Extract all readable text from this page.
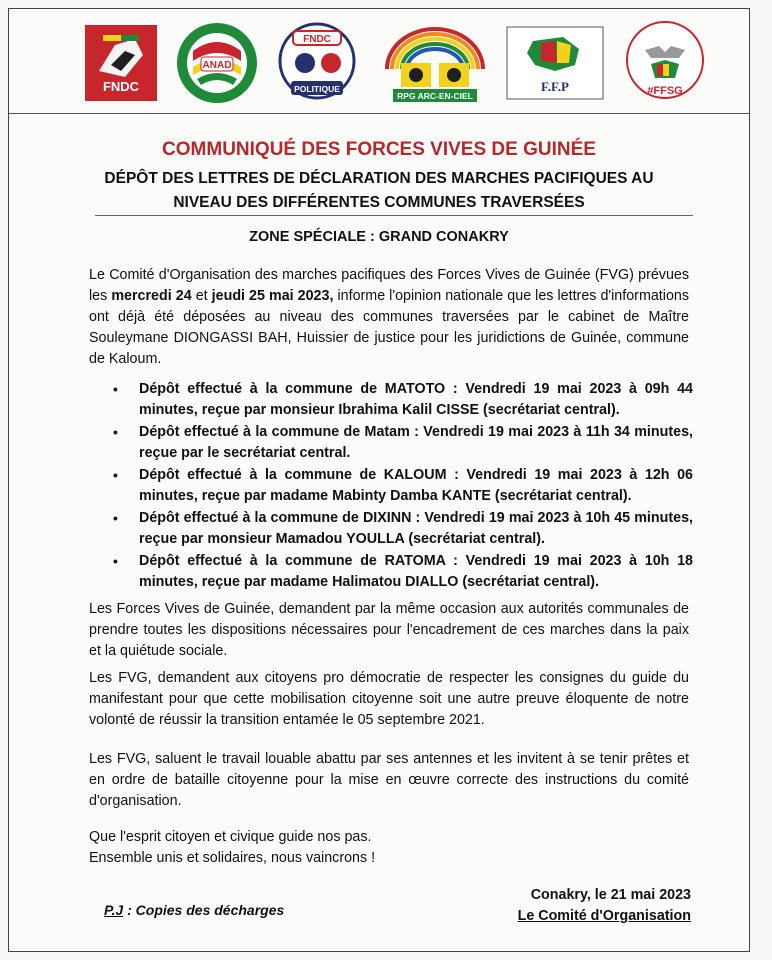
FNDC
ANAD
FNDC
POLITIQUE
RPG ARC-EN-CIEL
F.F.P	#FFSG
COMMUNIQUÉ DES FORCES VIVES DE GUINÉE
DÉPÔT DES LETTRES DE DÉCLARATION DES MARCHES PACIFIQUES AU
NIVEAU DES DIFFÉRENTES COMMUNES TRAVERSÉES
ZONE SPÉCIALE : GRAND CONAKRY
Le Comité d'Organisation des marches pacifiques des Forces Vives de Guinée (FVG) prévues les mercredi 24 et jeudi 25 mai 2023, informe l'opinion nationale que les lettres d'informations ont déjà été déposées au niveau des communes traversées par le cabinet de Maître Souleymane DIONGASSI BAH, Huissier de justice pour les juridictions de Guinée, commune de Kaloum.
• Dépôt effectué à la commune de MATOTO : Vendredi 19 mai 2023 à 09h 44 minutes, reçue par monsieur Ibrahima Kalil CISSE (secrétariat central).
• Dépôt effectué à la commune de Matam : Vendredi 19 mai 2023 à 11h 34 minutes, reçue par le secrétariat central.
• Dépôt effectué à la commune de KALOUM : Vendredi 19 mai 2023 à 12h 06 minutes, reçue par madame Mabinty Damba KANTE (secrétariat central).
• Dépôt effectué à la commune de DIXINN : Vendredi 19 mai 2023 à 10h 45 minutes, reçue par monsieur Mamadou YOULLA (secrétariat central).
• Dépôt effectué à la commune de RATOMA : Vendredi 19 mai 2023 à 10h 18 minutes, reçue par madame Halimatou DIALLO (secrétariat central).
Les Forces Vives de Guinée, demandent par la même occasion aux autorités communales de prendre toutes les dispositions nécessaires pour l'encadrement de ces marches dans la paix et la quiétude sociale.
Les FVG, demandent aux citoyens pro démocratie de respecter les consignes du guide du manifestant pour que cette mobilisation citoyenne soit une autre preuve éloquente de notre volonté de réussir la transition entamée le 05 septembre 2021.
Les FVG, saluent le travail louable abattu par ses antennes et les invitent à se tenir prêtes et en ordre de bataille citoyenne pour la mise en œuvre correcte des instructions du comité d'organisation.
Que l'esprit citoyen et civique guide nos pas.
Ensemble unis et solidaires, nous vaincrons !
P.J : Copies des décharges
Conakry, le 21 mai 2023
Le Comité d'Organisation
